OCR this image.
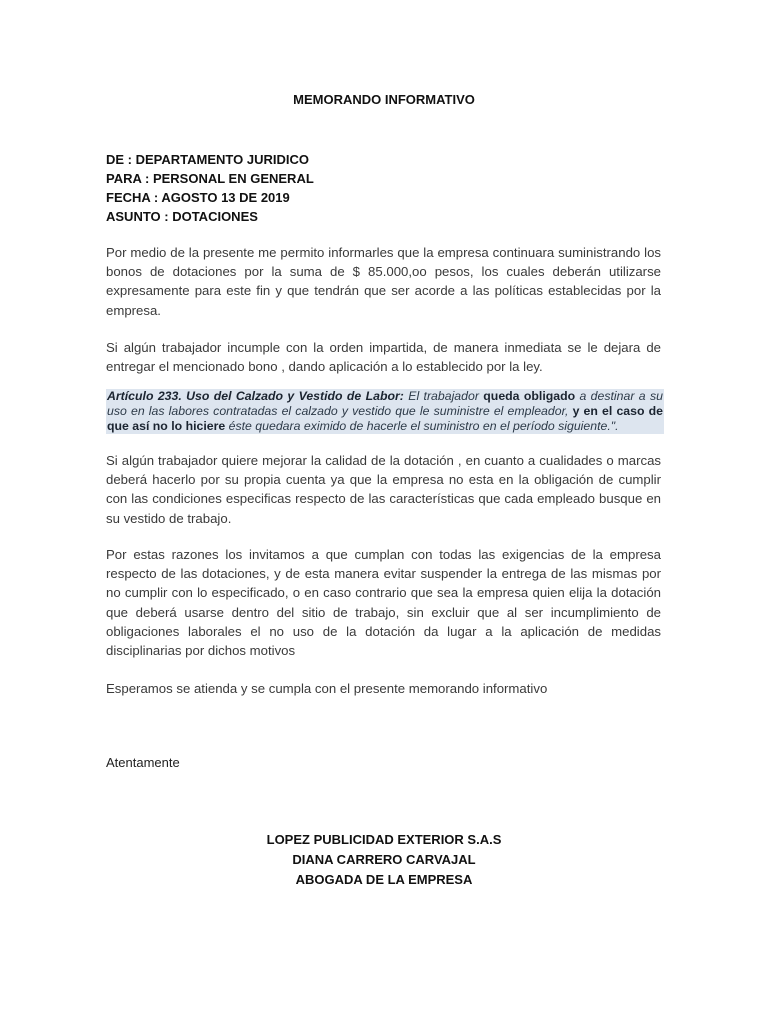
MEMORANDO INFORMATIVO
DE : DEPARTAMENTO JURIDICO
PARA : PERSONAL EN GENERAL
FECHA : AGOSTO 13 DE 2019
ASUNTO : DOTACIONES
Por medio de la presente me permito informarles que la empresa continuara suministrando los bonos de dotaciones por la suma de $ 85.000,oo pesos, los cuales deberán utilizarse expresamente para este fin y que tendrán que ser acorde a las políticas establecidas por la empresa.
Si algún trabajador incumple con la orden impartida, de manera inmediata se le dejara de entregar el mencionado bono , dando aplicación a lo establecido por la ley.
Artículo 233. Uso del Calzado y Vestido de Labor: El trabajador queda obligado a destinar a su uso en las labores contratadas el calzado y vestido que le suministre el empleador, y en el caso de que así no lo hiciere éste quedara eximido de hacerle el suministro en el período siguiente.".
Si algún trabajador quiere mejorar la calidad de la dotación , en cuanto a cualidades o marcas deberá hacerlo por su propia cuenta ya que la empresa no esta en la obligación de cumplir con las condiciones especificas respecto de las características que cada empleado busque en su vestido de trabajo.
Por estas razones los invitamos a que cumplan con todas las exigencias de la empresa respecto de las dotaciones, y de esta manera evitar suspender la entrega de las mismas por no cumplir con lo especificado, o en caso contrario que sea la empresa quien elija la dotación que deberá usarse dentro del sitio de trabajo, sin excluir que al ser incumplimiento de obligaciones laborales el no uso de la dotación da lugar a la aplicación de medidas disciplinarias por dichos motivos
Esperamos se atienda y se cumpla con el presente memorando informativo
Atentamente
LOPEZ PUBLICIDAD EXTERIOR S.A.S
DIANA CARRERO CARVAJAL
ABOGADA DE LA EMPRESA
